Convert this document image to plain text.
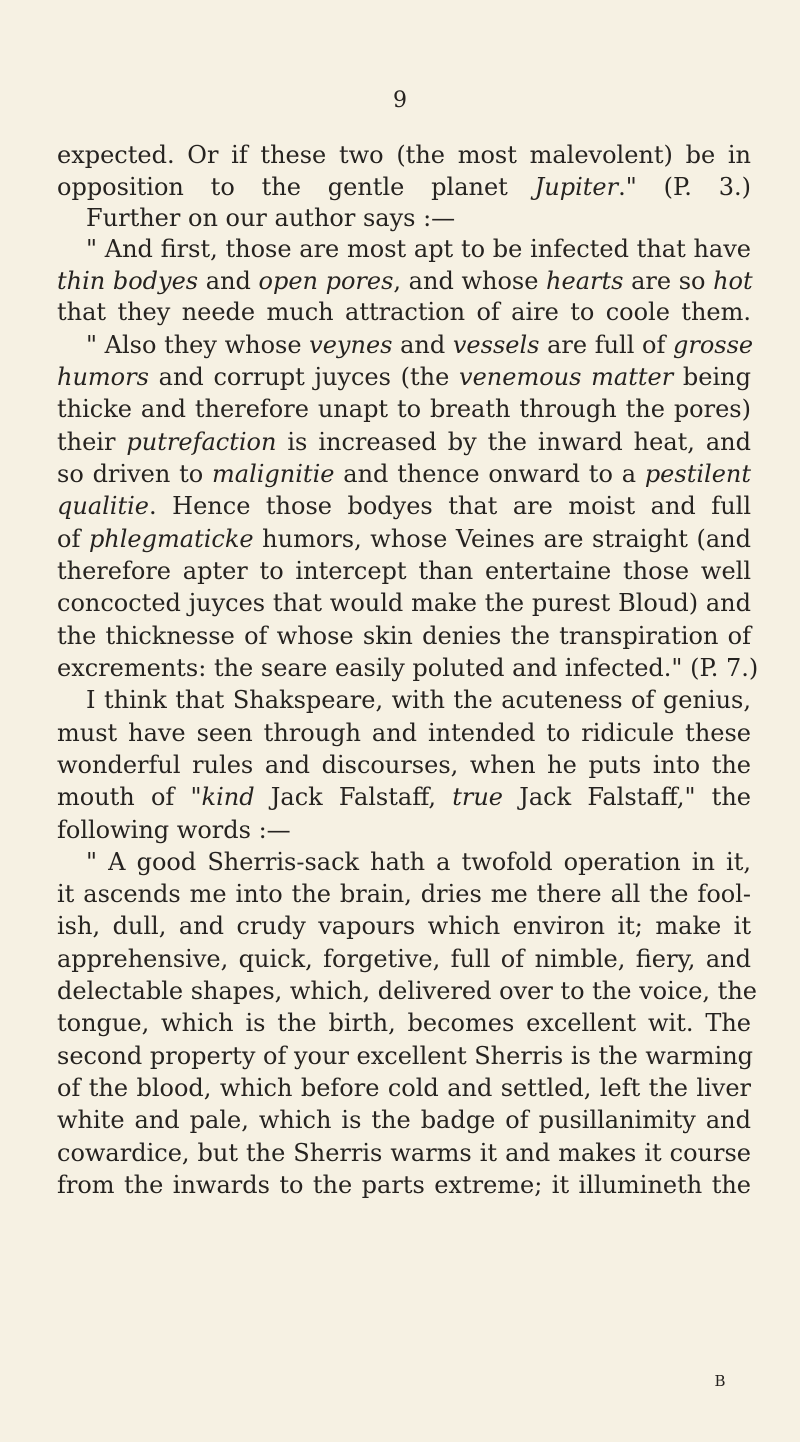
9
expected. Or if these two (the most malevolent) be in
opposition to the gentle planet Jupiter." (P. 3.)
Further on our author says :—
" And first, those are most apt to be infected that have
thin bodyes and open pores, and whose hearts are so hot
that they neede much attraction of aire to coole them.
" Also they whose veynes and vessels are full of grosse
humors and corrupt juyces (the venemous matter being
thicke and therefore unapt to breath through the pores)
their putrefaction is increased by the inward heat, and
so driven to malignitie and thence onward to a pestilent
qualitie. Hence those bodyes that are moist and full
of phlegmaticke humors, whose Veines are straight (and
therefore apter to intercept than entertaine those well
concocted juyces that would make the purest Bloud) and
the thicknesse of whose skin denies the transpiration of
excrements: the seare easily poluted and infected." (P. 7.)
I think that Shakspeare, with the acuteness of genius,
must have seen through and intended to ridicule these
wonderful rules and discourses, when he puts into the
mouth of "kind Jack Falstaff, true Jack Falstaff," the
following words :—
" A good Sherris-sack hath a twofold operation in it,
it ascends me into the brain, dries me there all the fool-
ish, dull, and crudy vapours which environ it; make it
apprehensive, quick, forgetive, full of nimble, fiery, and
delectable shapes, which, delivered over to the voice, the
tongue, which is the birth, becomes excellent wit. The
second property of your excellent Sherris is the warming
of the blood, which before cold and settled, left the liver
white and pale, which is the badge of pusillanimity and
cowardice, but the Sherris warms it and makes it course
from the inwards to the parts extreme; it illumineth the
B
